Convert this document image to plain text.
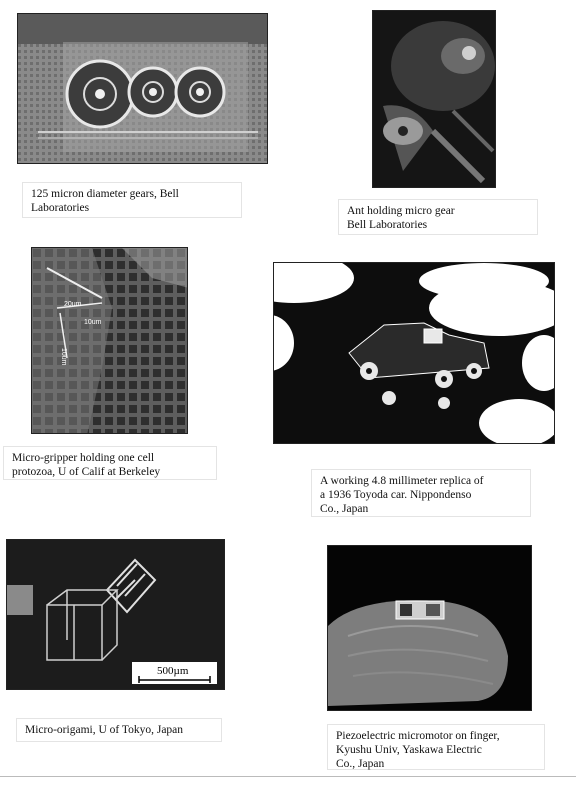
125 micron diameter gears, Bell
Laboratories	Ant holding micro gear
Bell Laboratories
20um
10um
10um
Micro-gripper holding one cell
protozoa, U of Calif at Berkeley
A working 4.8 millimeter replica of
a 1936 Toyoda car. Nippondenso
Co., Japan
500µm
Micro-origami, U of Tokyo, Japan	Piezoelectric micromotor on finger,
Kyushu Univ, Yaskawa Electric
Co., Japan
